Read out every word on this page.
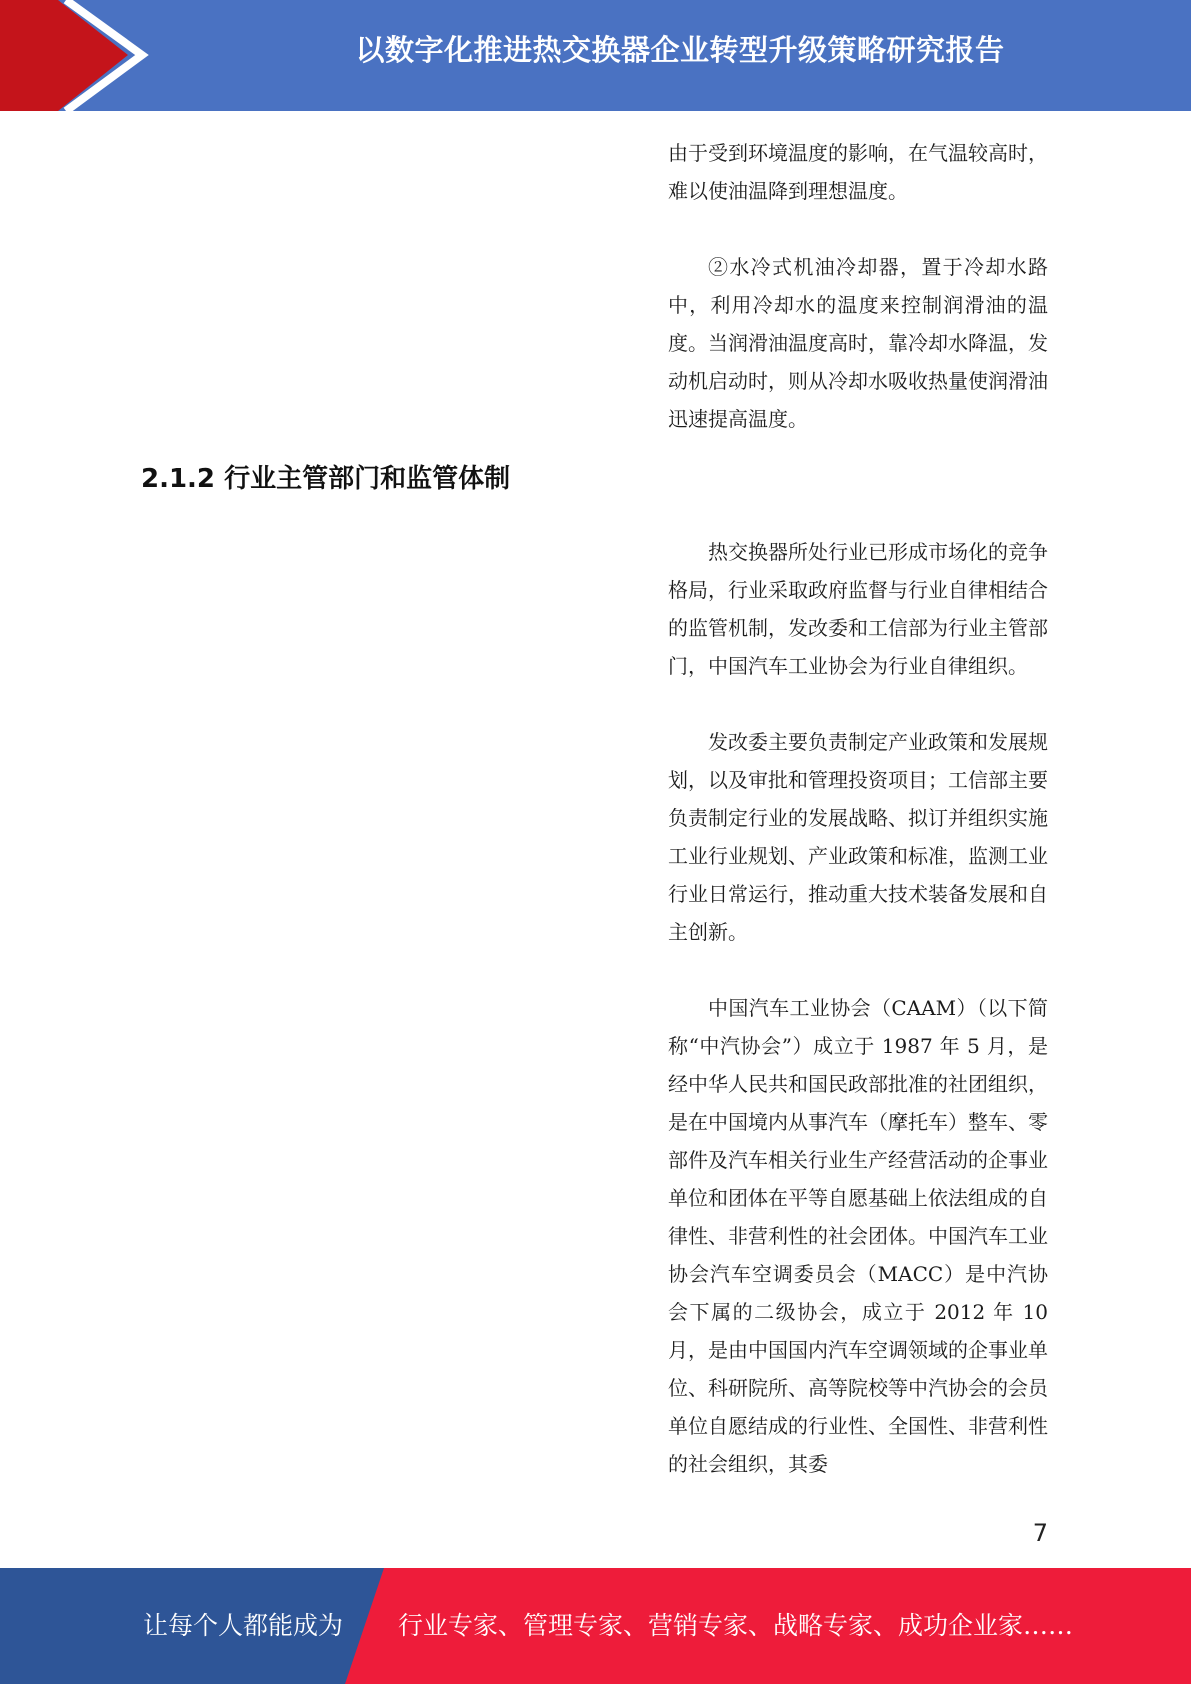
以数字化推进热交换器企业转型升级策略研究报告

由于受到环境温度的影响，在气温较高时，难以使油温降到理想温度。

②水冷式机油冷却器，置于冷却水路中，利用冷却水的温度来控制润滑油的温度。当润滑油温度高时，靠冷却水降温，发动机启动时，则从冷却水吸收热量使润滑油迅速提高温度。

2.1.2 行业主管部门和监管体制

热交换器所处行业已形成市场化的竞争格局，行业采取政府监督与行业自律相结合的监管机制，发改委和工信部为行业主管部门，中国汽车工业协会为行业自律组织。

发改委主要负责制定产业政策和发展规划，以及审批和管理投资项目；工信部主要负责制定行业的发展战略、拟订并组织实施工业行业规划、产业政策和标准，监测工业行业日常运行，推动重大技术装备发展和自主创新。

中国汽车工业协会（CAAM）（以下简称“中汽协会”）成立于 1987 年 5 月，是经中华人民共和国民政部批准的社团组织，是在中国境内从事汽车（摩托车）整车、零部件及汽车相关行业生产经营活动的企事业单位和团体在平等自愿基础上依法组成的自律性、非营利性的社会团体。中国汽车工业协会汽车空调委员会（MACC）是中汽协会下属的二级协会，成立于 2012 年 10 月，是由中国国内汽车空调领域的企事业单位、科研院所、高等院校等中汽协会的会员单位自愿结成的行业性、全国性、非营利性的社会组织，其委

7
让每个人都能成为 行业专家、管理专家、营销专家、战略专家、成功企业家……
